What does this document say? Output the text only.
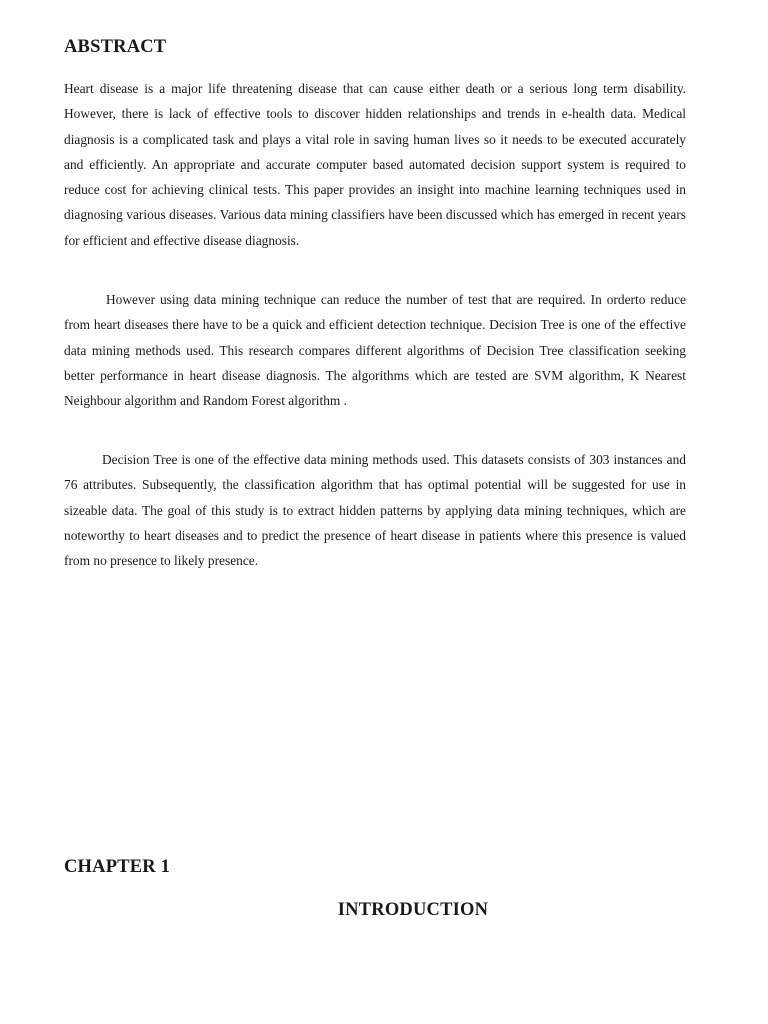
ABSTRACT

Heart disease is a major life threatening disease that can cause either death or a serious long term disability. However, there is lack of effective tools to discover hidden relationships and trends in e-health data. Medical diagnosis is a complicated task and plays a vital role in saving human lives so it needs to be executed accurately and efficiently. An appropriate and accurate computer based automated decision support system is required to reduce cost for achieving clinical tests. This paper provides an insight into machine learning techniques used in diagnosing various diseases. Various data mining classifiers have been discussed which has emerged in recent years for efficient and effective disease diagnosis.

However using data mining technique can reduce the number of test that are required. In orderto reduce from heart diseases there have to be a quick and efficient detection technique. Decision Tree is one of the effective data mining methods used. This research compares different algorithms of Decision Tree classification seeking better performance in heart disease diagnosis. The algorithms which are tested are SVM algorithm, K Nearest Neighbour algorithm and Random Forest algorithm .

Decision Tree is one of the effective data mining methods used. This datasets consists of 303 instances and 76 attributes. Subsequently, the classification algorithm that has optimal potential will be suggested for use in sizeable data. The goal of this study is to extract hidden patterns by applying data mining techniques, which are noteworthy to heart diseases and to predict the presence of heart disease in patients where this presence is valued from no presence to likely presence.

CHAPTER 1
INTRODUCTION
